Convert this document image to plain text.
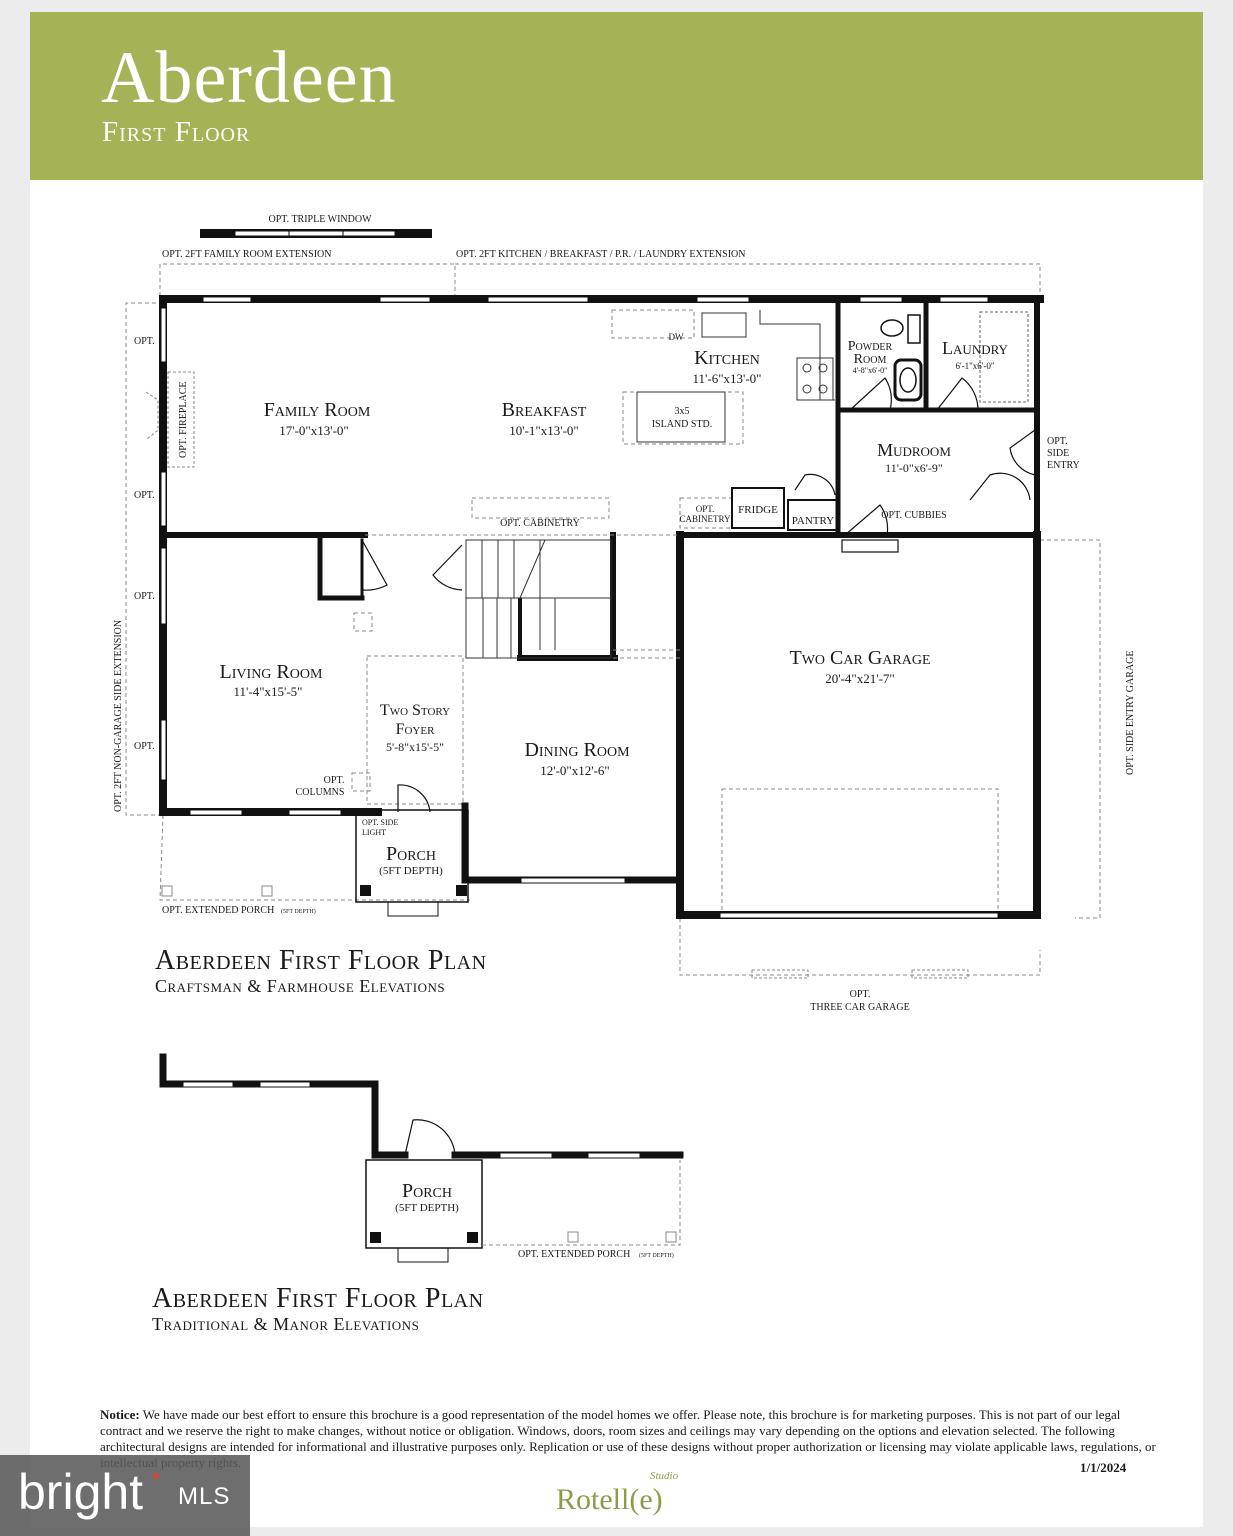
Aberdeen
First Floor
OPT. TRIPLE WINDOW
OPT. 2FT FAMILY ROOM EXTENSION	OPT. 2FT KITCHEN / BREAKFAST / P.R. / LAUNDRY EXTENSION
OPT.
OPT.
OPT.
OPT.
OPT. FIREPLACE
OPT. 2FT NON-GARAGE SIDE EXTENSION	OPT. SIDE ENTRY GARAGE
Family Room
17'-0"x13'-0"
Breakfast
10'-1"x13'-0"
Kitchen
11'-6"x13'-0"
DW
3x5
ISLAND STD.
Powder
Room
4'-8"x6'-0"
Laundry
6'-1"x6'-0"
Mudroom
11'-0"x6'-9"
OPT.
SIDE
ENTRY
OPT. CUBBIES
PANTRY
FRIDGE
OPT.
CABINETRY
OPT. CABINETRY
Living Room
11'-4"x15'-5"
Two Story
Foyer
5'-8"x15'-5"
OPT.
COLUMNS
Dining Room
12'-0"x12'-6"
Two Car Garage
20'-4"x21'-7"
OPT. SIDE
LIGHT
Porch
(5FT DEPTH)
OPT. EXTENDED PORCH (5FT DEPTH)
OPT.
THREE CAR GARAGE
Porch
(5FT DEPTH)
OPT. EXTENDED PORCH (5FT DEPTH)
Aberdeen First Floor Plan
Craftsman & Farmhouse Elevations
Aberdeen First Floor Plan
Traditional & Manor Elevations
Notice: We have made our best effort to ensure this brochure is a good representation of the model homes we offer. Please note, this brochure is for marketing purposes. This is not part of our legal contract and we reserve the right to make changes, without notice or obligation. Windows, doors, room sizes and ceilings may vary depending on the options and elevation selected. The following architectural designs are intended for informational and illustrative purposes only. Replication or use of these designs without proper authorization or licensing may violate applicable laws, regulations, or
1/1/2024
Studio
Rotell(e)
bright ✦
MLS
